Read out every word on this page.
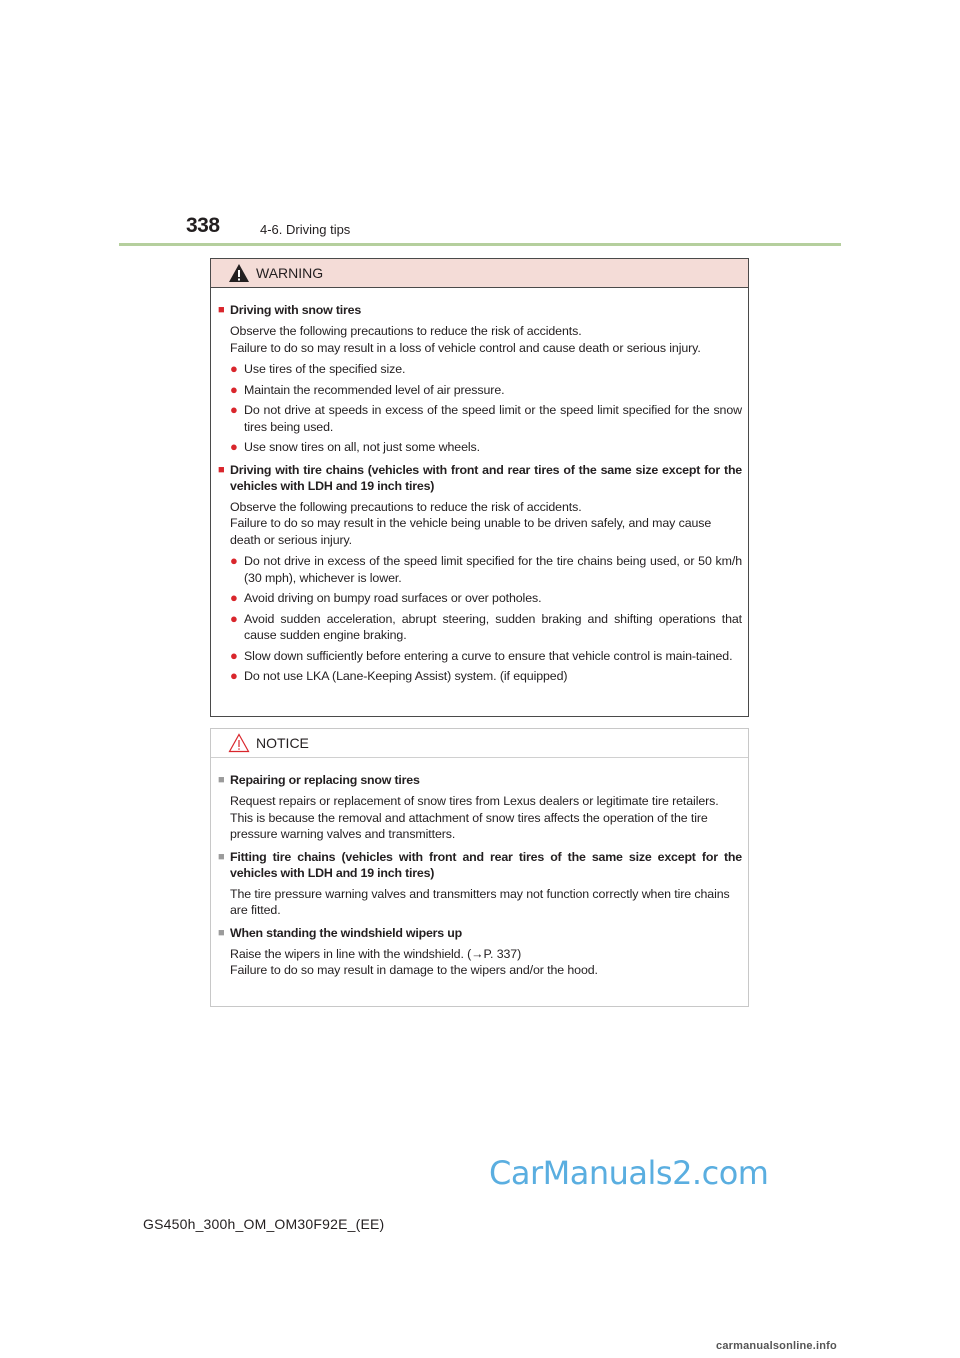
338	4-6. Driving tips
WARNING
■ Driving with snow tires
Observe the following precautions to reduce the risk of accidents.
Failure to do so may result in a loss of vehicle control and cause death or serious injury.
● Use tires of the specified size.
● Maintain the recommended level of air pressure.
● Do not drive at speeds in excess of the speed limit or the speed limit specified for the snow tires being used.
● Use snow tires on all, not just some wheels.
■ Driving with tire chains (vehicles with front and rear tires of the same size except for the vehicles with LDH and 19 inch tires)
Observe the following precautions to reduce the risk of accidents.
Failure to do so may result in the vehicle being unable to be driven safely, and may cause death or serious injury.
● Do not drive in excess of the speed limit specified for the tire chains being used, or 50 km/h (30 mph), whichever is lower.
● Avoid driving on bumpy road surfaces or over potholes.
● Avoid sudden acceleration, abrupt steering, sudden braking and shifting operations that cause sudden engine braking.
● Slow down sufficiently before entering a curve to ensure that vehicle control is main-tained.
● Do not use LKA (Lane-Keeping Assist) system. (if equipped)
NOTICE
■ Repairing or replacing snow tires
Request repairs or replacement of snow tires from Lexus dealers or legitimate tire retailers.
This is because the removal and attachment of snow tires affects the operation of the tire pressure warning valves and transmitters.
■ Fitting tire chains (vehicles with front and rear tires of the same size except for the vehicles with LDH and 19 inch tires)
The tire pressure warning valves and transmitters may not function correctly when tire chains are fitted.
■ When standing the windshield wipers up
Raise the wipers in line with the windshield. (→P. 337)
Failure to do so may result in damage to the wipers and/or the hood.
CarManuals2.com
GS450h_300h_OM_OM30F92E_(EE)
carmanualsonline.info
